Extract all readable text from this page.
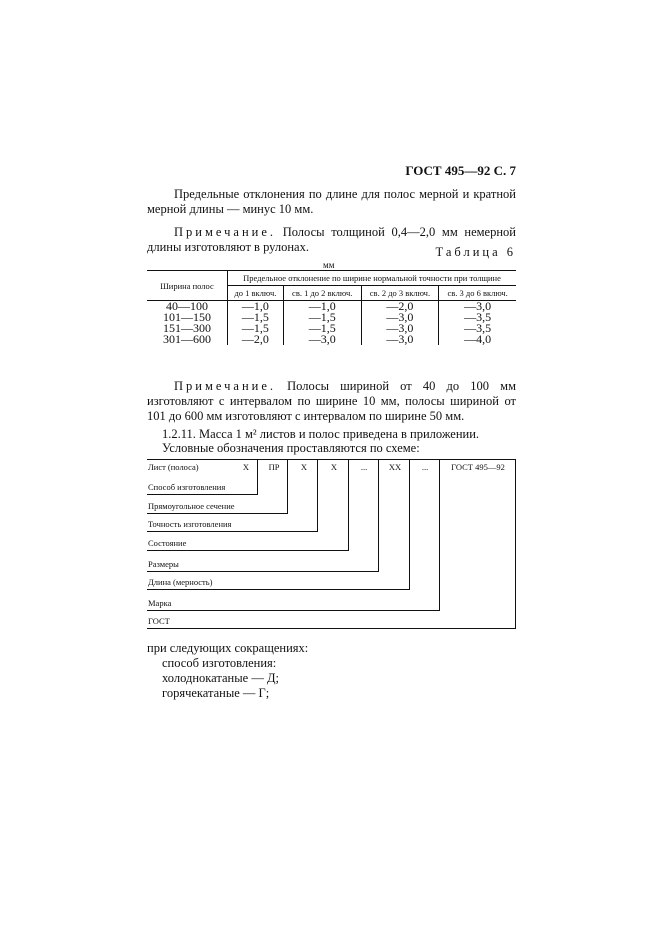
ГОСТ 495—92 С. 7

Предельные отклонения по длине для полос мерной и кратной мерной длины — минус 10 мм.

Примечание. Полосы толщиной 0,4—2,0 мм немерной длины изготовляют в рулонах.	Таблица 6
мм
Ширина полос	Предельное отклонение по ширине нормальной точности при толщине			
	до 1 включ.	св. 1 до 2 включ.	св. 2 до 3 включ.	св. 3 до 6 включ.
40—100	—1,0	—1,0	—2,0	—3,0
101—150	—1,5	—1,5	—3,0	—3,5
151—300	—1,5	—1,5	—3,0	—3,5
301—600	—2,0	—3,0	—3,0	—4,0

Примечание. Полосы шириной от 40 до 100 мм изготовляют с интервалом по ширине 10 мм, полосы шириной от 101 до 600 мм изготовляют с интервалом по ширине 50 мм.

1.2.11. Масса 1 м² листов и полос приведена в приложении.
Условные обозначения проставляются по схеме:
Лист (полоса)	X	ПР	X	X	...	XX	...	ГОСТ 495—92
Способ изготовления
Прямоугольное сечение
Точность изготовления
Состояние
Размеры
Длина (мерность)
Марка
ГОСТ
при следующих сокращениях:
способ изготовления:
холоднокатаные — Д;
горячекатаные — Г;
